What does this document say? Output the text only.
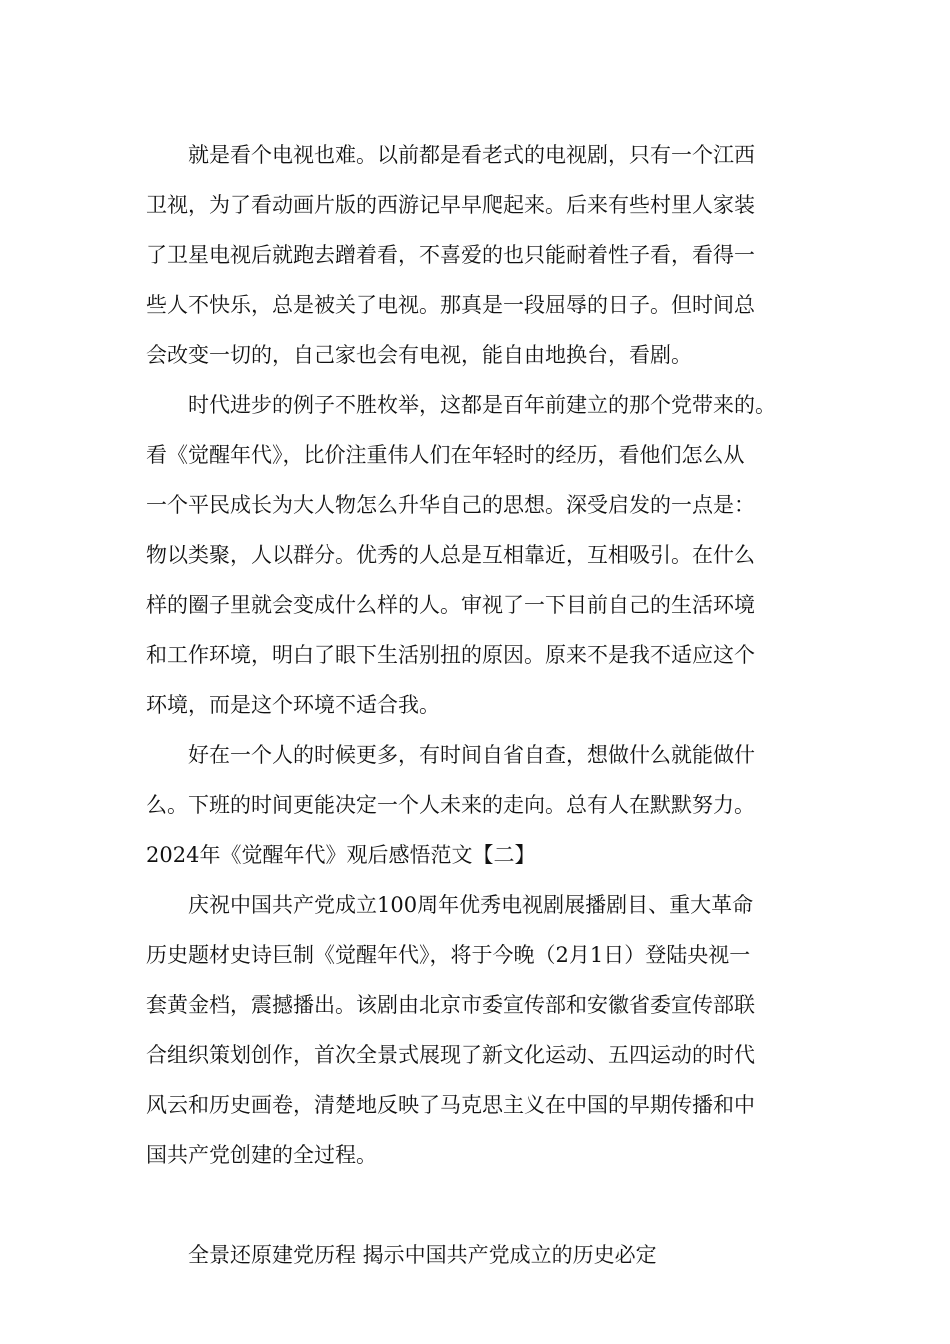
就是看个电视也难。以前都是看老式的电视剧，只有一个江西
卫视，为了看动画片版的西游记早早爬起来。后来有些村里人家装
了卫星电视后就跑去蹭着看，不喜爱的也只能耐着性子看，看得一
些人不快乐，总是被关了电视。那真是一段屈辱的日子。但时间总
会改变一切的，自己家也会有电视，能自由地换台，看剧。
时代进步的例子不胜枚举，这都是百年前建立的那个党带来的。
看《觉醒年代》，比价注重伟人们在年轻时的经历，看他们怎么从
一个平民成长为大人物怎么升华自己的思想。深受启发的一点是：
物以类聚，人以群分。优秀的人总是互相靠近，互相吸引。在什么
样的圈子里就会变成什么样的人。审视了一下目前自己的生活环境
和工作环境，明白了眼下生活别扭的原因。原来不是我不适应这个
环境，而是这个环境不适合我。
好在一个人的时候更多，有时间自省自查，想做什么就能做什
么。下班的时间更能决定一个人未来的走向。总有人在默默努力。
2024年《觉醒年代》观后感悟范文【二】
庆祝中国共产党成立100周年优秀电视剧展播剧目、重大革命
历史题材史诗巨制《觉醒年代》，将于今晚（2月1日）登陆央视一
套黄金档，震撼播出。该剧由北京市委宣传部和安徽省委宣传部联
合组织策划创作，首次全景式展现了新文化运动、五四运动的时代
风云和历史画卷，清楚地反映了马克思主义在中国的早期传播和中
国共产党创建的全过程。
全景还原建党历程 揭示中国共产党成立的历史必定
